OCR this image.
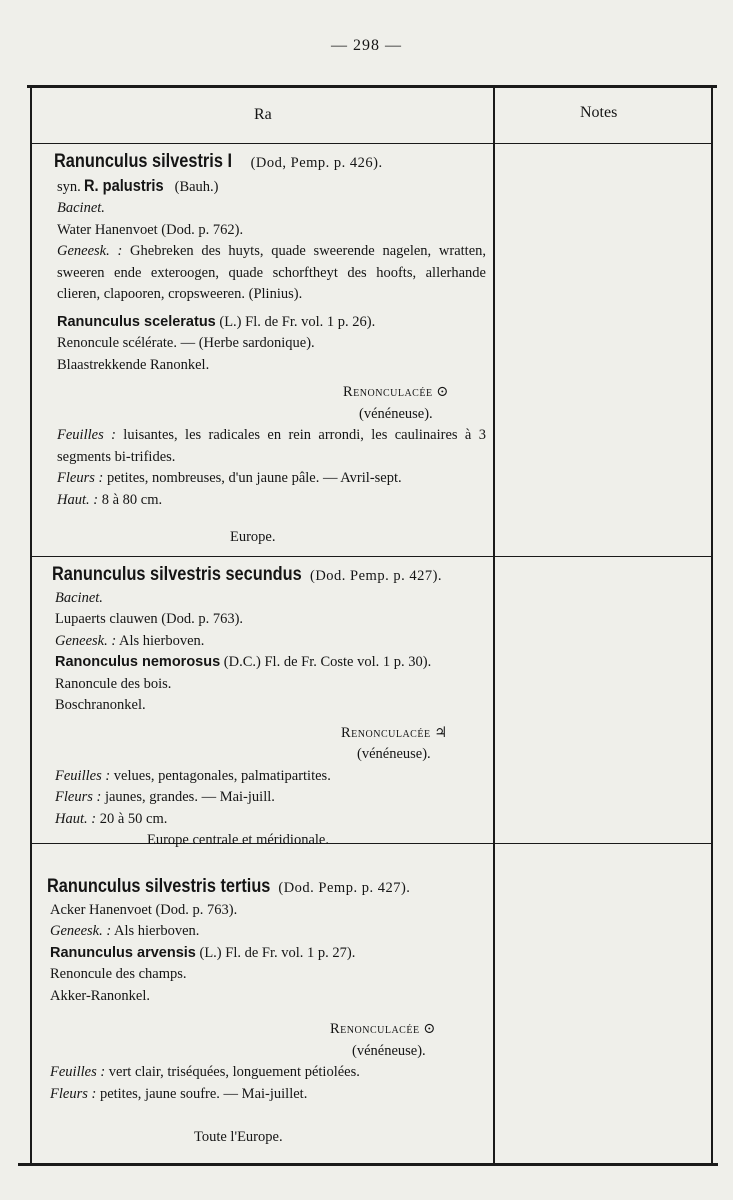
— 298 —
Ra	Notes
Ranunculus silvestris I (Dod, Pemp. p. 426).
syn. R. palustris (Bauh.)
Bacinet.
Water Hanenvoet (Dod. p. 762).
Geneesk. : Ghebreken des huyts, quade sweerende nagelen, wratten, sweeren ende exteroogen, quade schorftheyt des hoofts, allerhande clieren, clapooren, cropsweeren. (Plinius).
Ranunculus sceleratus (L.) Fl. de Fr. vol. 1 p. 26).
Renoncule scélérate. — (Herbe sardonique).
Blaastrekkende Ranonkel.
Renonculacée ⊙
(vénéneuse).
Feuilles : luisantes, les radicales en rein arrondi, les caulinaires à 3 segments bi-trifides.
Fleurs : petites, nombreuses, d'un jaune pâle. — Avril-sept.
Haut. : 8 à 80 cm.
Europe.
Ranunculus silvestris secundus (Dod. Pemp. p. 427).
Bacinet.
Lupaerts clauwen (Dod. p. 763).
Geneesk. : Als hierboven.
Ranonculus nemorosus (D.C.) Fl. de Fr. Coste vol. 1 p. 30).
Ranoncule des bois.
Boschranonkel.
Renonculacée ♃
(vénéneuse).
Feuilles : velues, pentagonales, palmatipartites.
Fleurs : jaunes, grandes. — Mai-juill.
Haut. : 20 à 50 cm.
Europe centrale et méridionale.
Ranunculus silvestris tertius (Dod. Pemp. p. 427).
Acker Hanenvoet (Dod. p. 763).
Geneesk. : Als hierboven.
Ranunculus arvensis (L.) Fl. de Fr. vol. 1 p. 27).
Renoncule des champs.
Akker-Ranonkel.
Renonculacée ⊙
(vénéneuse).
Feuilles : vert clair, triséquées, longuement pétiolées.
Fleurs : petites, jaune soufre. — Mai-juillet.
Toute l'Europe.
